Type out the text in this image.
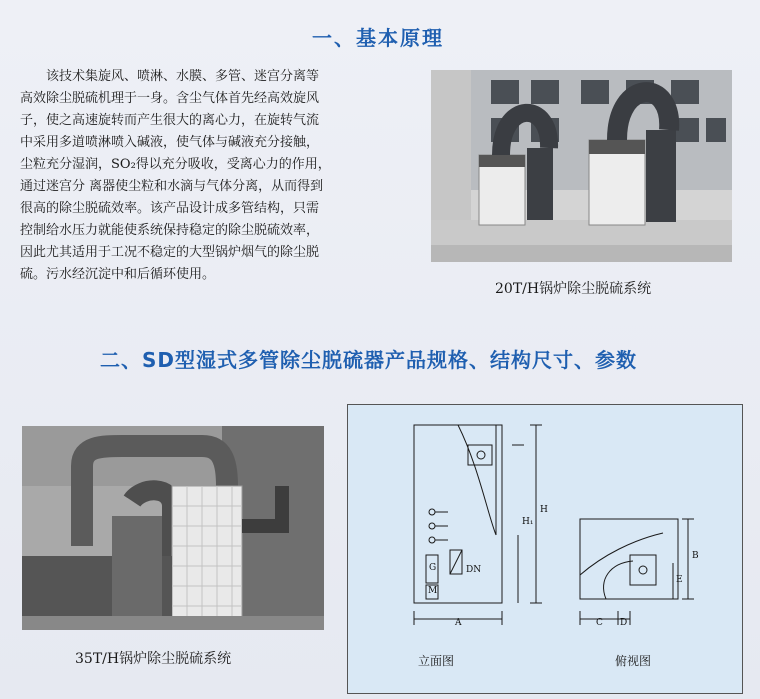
一、基本原理
该技术集旋风、喷淋、水膜、多管、迷宫分离等
高效除尘脱硫机理于一身。含尘气体首先经高效旋风
子，使之高速旋转而产生很大的离心力，在旋转气流
中采用多道喷淋喷入碱液，使气体与碱液充分接触，
尘粒充分湿润，SO₂得以充分吸收，受离心力的作用，
通过迷宫分 离器使尘粒和水滴与气体分离，从而得到
很高的除尘脱硫效率。该产品设计成多管结构，只需
控制给水压力就能使系统保持稳定的除尘脱硫效率，
因此尤其适用于工况不稳定的大型锅炉烟气的除尘脱
硫。污水经沉淀中和后循环使用。
20T/H锅炉除尘脱硫系统
二、SD型湿式多管除尘脱硫器产品规格、结构尺寸、参数
35T/H锅炉除尘脱硫系统
H
H₁
DN
G
M
A
B
E
C D
立面图	俯视图
